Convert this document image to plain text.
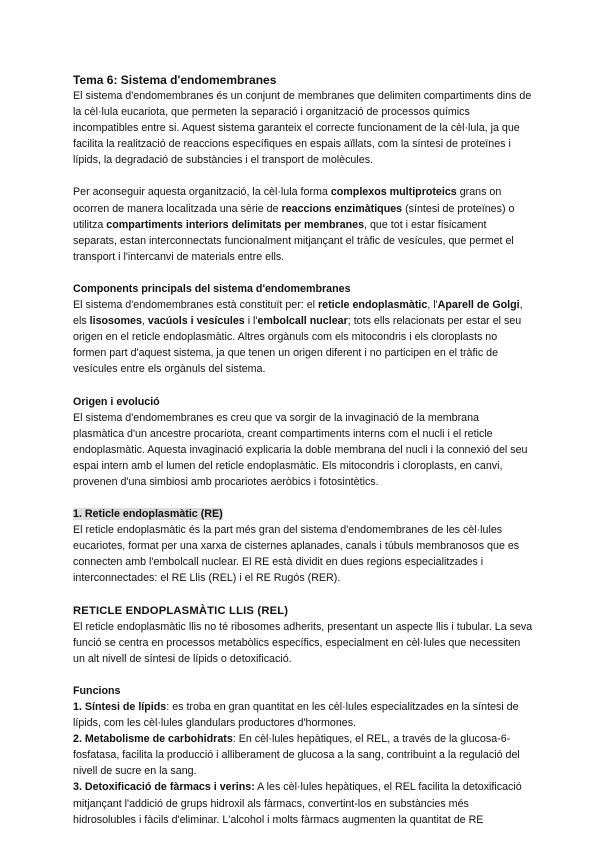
Tema 6: Sistema d'endomembranes

El sistema d'endomembranes és un conjunt de membranes que delimiten compartiments dins de la cèl·lula eucariota, que permeten la separació i organització de processos químics incompatibles entre si. Aquest sistema garanteix el correcte funcionament de la cèl·lula, ja que facilita la realització de reaccions específiques en espais aïllats, com la síntesi de proteïnes i lípids, la degradació de substàncies i el transport de molècules.

Per aconseguir aquesta organització, la cèl·lula forma complexos multiproteics grans on ocorren de manera localitzada una sèrie de reaccions enzimàtiques (síntesi de proteïnes) o utilitza compartiments interiors delimitats per membranes, que tot i estar físicament separats, estan interconnectats funcionalment mitjançant el tràfic de vesícules, que permet el transport i l'intercanvi de materials entre ells.

Components principals del sistema d'endomembranes

El sistema d'endomembranes està constituït per: el reticle endoplasmàtic, l'Aparell de Golgi, els lisosomes, vacúols i vesícules i l'embolcall nuclear; tots ells relacionats per estar el seu origen en el reticle endoplasmàtic. Altres orgànuls com els mitocondris i els cloroplasts no formen part d'aquest sistema, ja que tenen un origen diferent i no participen en el tràfic de vesícules entre els orgànuls del sistema.

Origen i evolució

El sistema d'endomembranes es creu que va sorgir de la invaginació de la membrana plasmàtica d'un ancestre procariota, creant compartiments interns com el nucli i el reticle endoplasmàtic. Aquesta invaginació explicaria la doble membrana del nucli i la connexió del seu espai intern amb el lumen del reticle endoplasmàtic. Els mitocondris i cloroplasts, en canvi, provenen d'una simbiosi amb procariotes aeròbics i fotosintètics.

1. Reticle endoplasmàtic (RE)

El reticle endoplasmàtic és la part més gran del sistema d'endomembranes de les cèl·lules eucariotes, format per una xarxa de cisternes aplanades, canals i túbuls membranosos que es connecten amb l'embolcall nuclear. El RE està dividit en dues regions especialitzades i interconnectades: el RE Llis (REL) i el RE Rugós (RER).

RETICLE ENDOPLASMÀTIC LLIS (REL)

El reticle endoplasmàtic llis no té ribosomes adherits, presentant un aspecte llis i tubular. La seva funció se centra en processos metabòlics específics, especialment en cèl·lules que necessiten un alt nivell de síntesi de lípids o detoxificació.

Funcions

1. Síntesi de lípids: es troba en gran quantitat en les cèl·lules especialitzades en la síntesi de lípids, com les cèl·lules glandulars productores d'hormones.

2. Metabolisme de carbohidrats: En cèl·lules hepàtiques, el REL, a través de la glucosa-6-fosfatasa, facilita la producció i alliberament de glucosa a la sang, contribuint a la regulació del nivell de sucre en la sang.

3. Detoxificació de fàrmacs i verins: A les cèl·lules hepàtiques, el REL facilita la detoxificació mitjançant l'addició de grups hidroxil als fàrmacs, convertint-los en substàncies més hidrosolubles i fàcils d'eliminar. L'alcohol i molts fàrmacs augmenten la quantitat de RE
